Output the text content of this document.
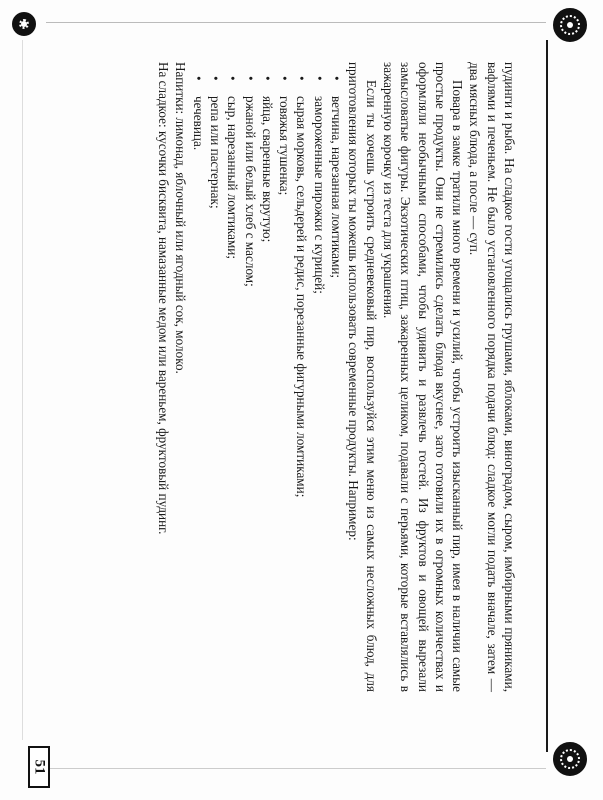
51

пудинги и рыба. На сладкое гости угощались грушами, яблоками, виноградом, сыром, имбирными пряниками, вафлями и печеньем. Не было установленного порядка подачи блюд: сладкое могли подать вначале, затем — два мясных блюда, а после — суп.

Повара в замке тратили много времени и усилий, чтобы устроить изысканный пир, имея в наличии самые простые продукты. Они не стремились сделать блюда вкуснее, зато готовили их в огромных количествах и оформляли необычными способами, чтобы удивить и развлечь гостей. Из фруктов и овощей вырезали замысловатые фигуры. Экзотических птиц, зажаренных целиком, подавали с перьями, которые вставлялись в зажаренную корочку из теста для украшения.

Если ты хочешь устроить средневековый пир, воспользуйся этим меню из самых несложных блюд, для приготовления которых ты можешь использовать современные продукты. Например:

• ветчина, нарезанная ломтиками;
• замороженные пирожки с курицей;
• сырая морковь, сельдерей и редис, порезанные фигурными ломтиками;
• говяжья тушенка;
• яйца, сваренные вкрутую;
• ржаной или белый хлеб с маслом;
• сыр, нарезанный ломтиками;
• репа или пастернак;
• чечевица.

Напитки: лимонад, яблочный или ягодный сок, молоко.

На сладкое: кусочки бисквита, намазанные медом или вареньем, фруктовый пудинг.
